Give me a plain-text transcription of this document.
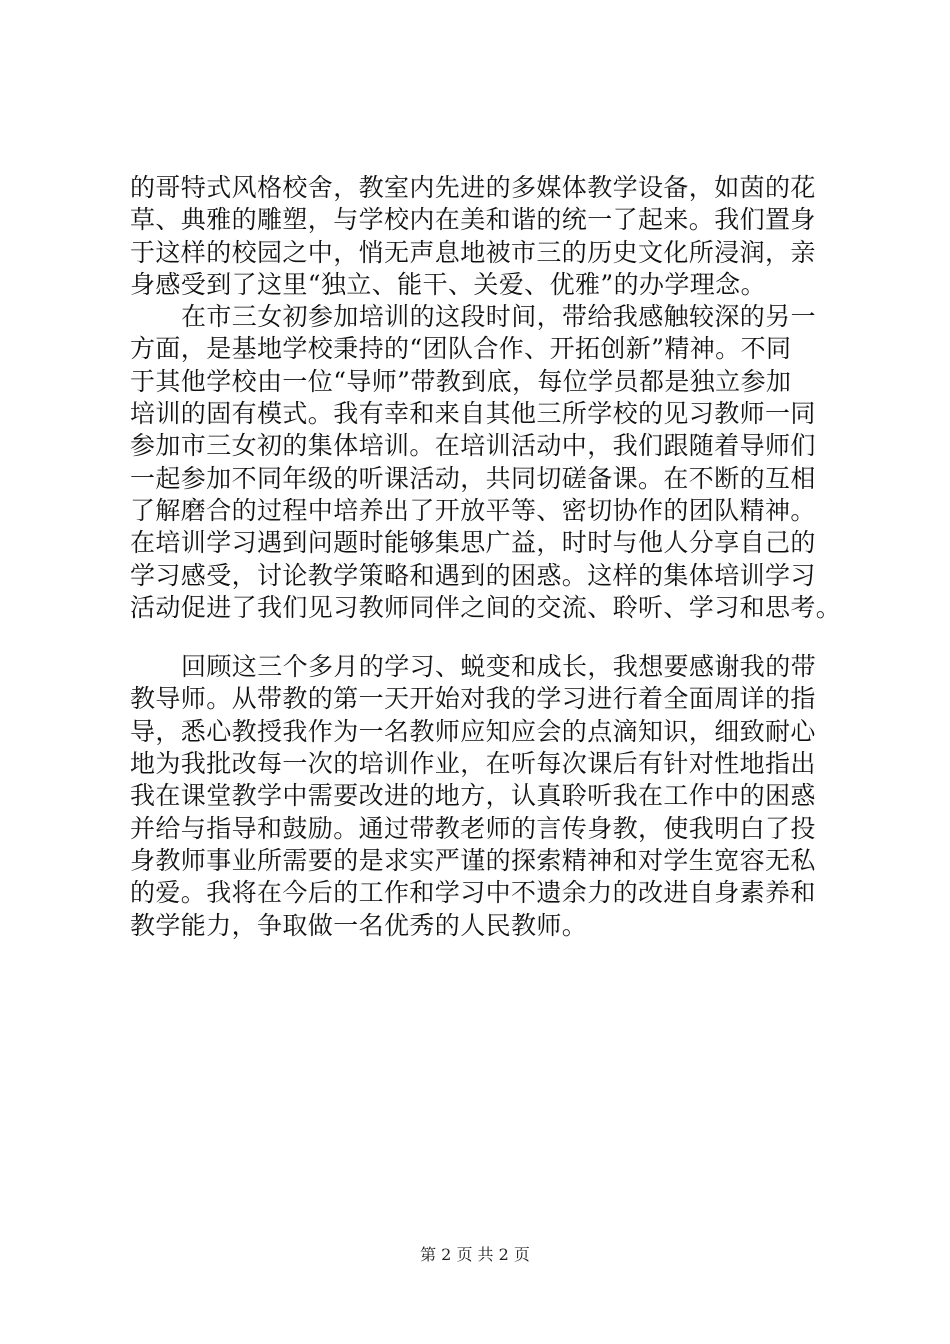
的哥特式风格校舍，教室内先进的多媒体教学设备，如茵的花
草、典雅的雕塑，与学校内在美和谐的统一了起来。我们置身
于这样的校园之中，悄无声息地被市三的历史文化所浸润，亲
身感受到了这里“独立、能干、关爱、优雅”的办学理念。
在市三女初参加培训的这段时间，带给我感触较深的另一
方面，是基地学校秉持的“团队合作、开拓创新”精神。不同
于其他学校由一位“导师”带教到底，每位学员都是独立参加
培训的固有模式。我有幸和来自其他三所学校的见习教师一同
参加市三女初的集体培训。在培训活动中，我们跟随着导师们
一起参加不同年级的听课活动，共同切磋备课。在不断的互相
了解磨合的过程中培养出了开放平等、密切协作的团队精神。
在培训学习遇到问题时能够集思广益，时时与他人分享自己的
学习感受，讨论教学策略和遇到的困惑。这样的集体培训学习
活动促进了我们见习教师同伴之间的交流、聆听、学习和思考。
回顾这三个多月的学习、蜕变和成长，我想要感谢我的带
教导师。从带教的第一天开始对我的学习进行着全面周详的指
导，悉心教授我作为一名教师应知应会的点滴知识，细致耐心
地为我批改每一次的培训作业，在听每次课后有针对性地指出
我在课堂教学中需要改进的地方，认真聆听我在工作中的困惑
并给与指导和鼓励。通过带教老师的言传身教，使我明白了投
身教师事业所需要的是求实严谨的探索精神和对学生宽容无私
的爱。我将在今后的工作和学习中不遗余力的改进自身素养和
教学能力，争取做一名优秀的人民教师。
第 2 页 共 2 页
